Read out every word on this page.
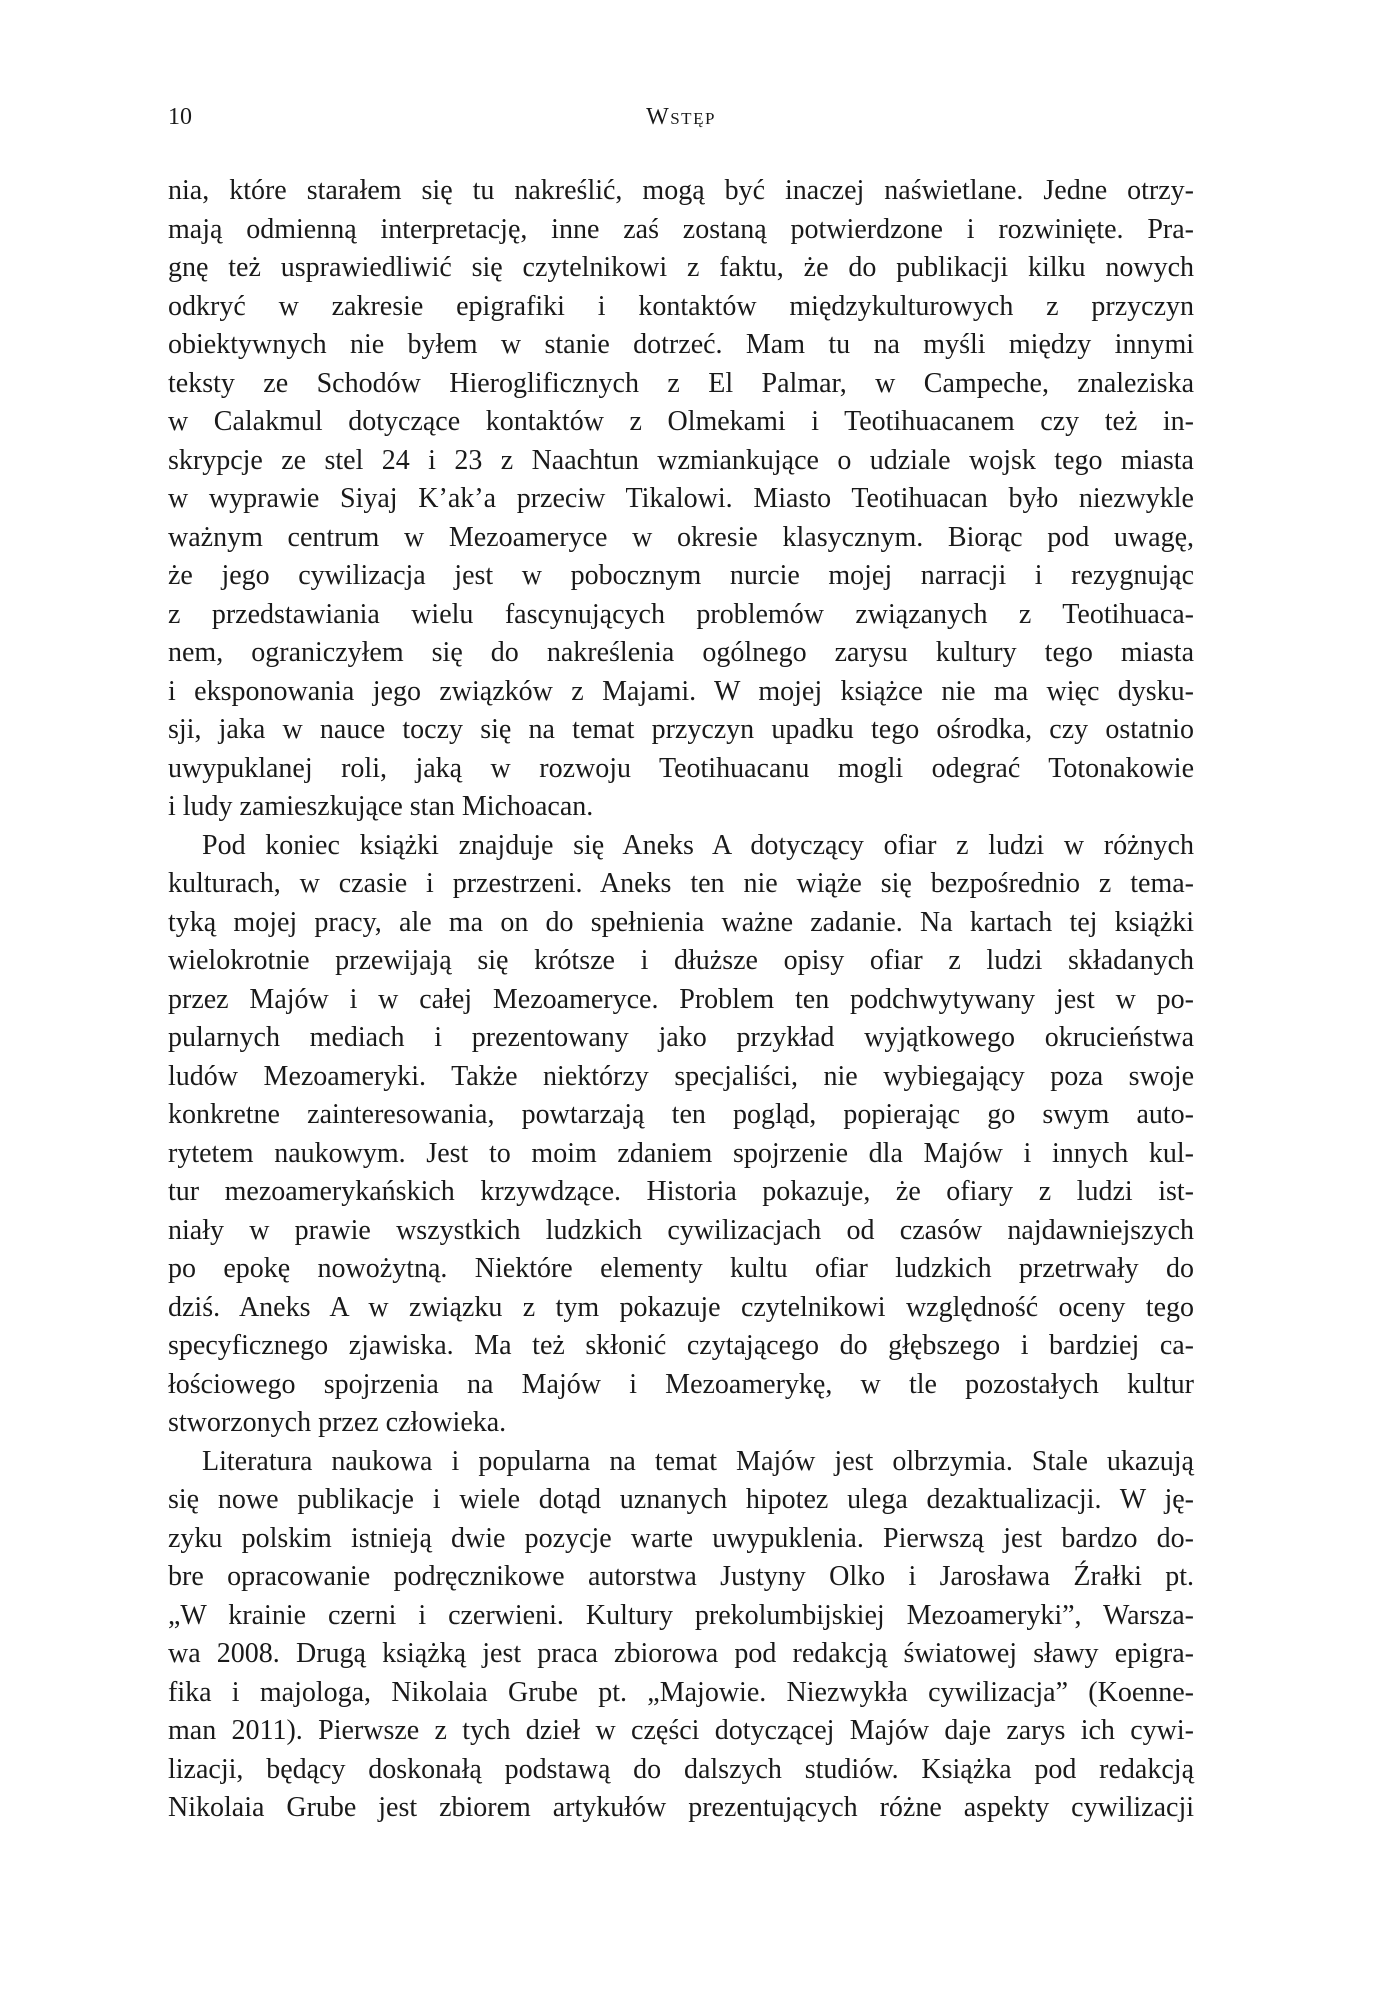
10	Wstęp

nia, które starałem się tu nakreślić, mogą być inaczej naświetlane. Jedne otrzy-
mają odmienną interpretację, inne zaś zostaną potwierdzone i rozwinięte. Pra-
gnę też usprawiedliwić się czytelnikowi z faktu, że do publikacji kilku nowych
odkryć w zakresie epigrafiki i kontaktów międzykulturowych z przyczyn
obiektywnych nie byłem w stanie dotrzeć. Mam tu na myśli między innymi
teksty ze Schodów Hieroglificznych z El Palmar, w Campeche, znaleziska
w Calakmul dotyczące kontaktów z Olmekami i Teotihuacanem czy też in-
skrypcje ze stel 24 i 23 z Naachtun wzmiankujące o udziale wojsk tego miasta
w wyprawie Siyaj K’ak’a przeciw Tikalowi. Miasto Teotihuacan było niezwykle
ważnym centrum w Mezoameryce w okresie klasycznym. Biorąc pod uwagę,
że jego cywilizacja jest w pobocznym nurcie mojej narracji i rezygnując
z przedstawiania wielu fascynujących problemów związanych z Teotihuaca-
nem, ograniczyłem się do nakreślenia ogólnego zarysu kultury tego miasta
i eksponowania jego związków z Majami. W mojej książce nie ma więc dysku-
sji, jaka w nauce toczy się na temat przyczyn upadku tego ośrodka, czy ostatnio
uwypuklanej roli, jaką w rozwoju Teotihuacanu mogli odegrać Totonakowie
i ludy zamieszkujące stan Michoacan.

Pod koniec książki znajduje się Aneks A dotyczący ofiar z ludzi w różnych
kulturach, w czasie i przestrzeni. Aneks ten nie wiąże się bezpośrednio z tema-
tyką mojej pracy, ale ma on do spełnienia ważne zadanie. Na kartach tej książki
wielokrotnie przewijają się krótsze i dłuższe opisy ofiar z ludzi składanych
przez Majów i w całej Mezoameryce. Problem ten podchwytywany jest w po-
pularnych mediach i prezentowany jako przykład wyjątkowego okrucieństwa
ludów Mezoameryki. Także niektórzy specjaliści, nie wybiegający poza swoje
konkretne zainteresowania, powtarzają ten pogląd, popierając go swym auto-
rytetem naukowym. Jest to moim zdaniem spojrzenie dla Majów i innych kul-
tur mezoamerykańskich krzywdzące. Historia pokazuje, że ofiary z ludzi ist-
niały w prawie wszystkich ludzkich cywilizacjach od czasów najdawniejszych
po epokę nowożytną. Niektóre elementy kultu ofiar ludzkich przetrwały do
dziś. Aneks A w związku z tym pokazuje czytelnikowi względność oceny tego
specyficznego zjawiska. Ma też skłonić czytającego do głębszego i bardziej ca-
łościowego spojrzenia na Majów i Mezoamerykę, w tle pozostałych kultur
stworzonych przez człowieka.

Literatura naukowa i popularna na temat Majów jest olbrzymia. Stale ukazują
się nowe publikacje i wiele dotąd uznanych hipotez ulega dezaktualizacji. W ję-
zyku polskim istnieją dwie pozycje warte uwypuklenia. Pierwszą jest bardzo do-
bre opracowanie podręcznikowe autorstwa Justyny Olko i Jarosława Źrałki pt.
„W krainie czerni i czerwieni. Kultury prekolumbijskiej Mezoameryki”, Warsza-
wa 2008. Drugą książką jest praca zbiorowa pod redakcją światowej sławy epigra-
fika i majologa, Nikolaia Grube pt. „Majowie. Niezwykła cywilizacja” (Koenne-
man 2011). Pierwsze z tych dzieł w części dotyczącej Majów daje zarys ich cywi-
lizacji, będący doskonałą podstawą do dalszych studiów. Książka pod redakcją
Nikolaia Grube jest zbiorem artykułów prezentujących różne aspekty cywilizacji
